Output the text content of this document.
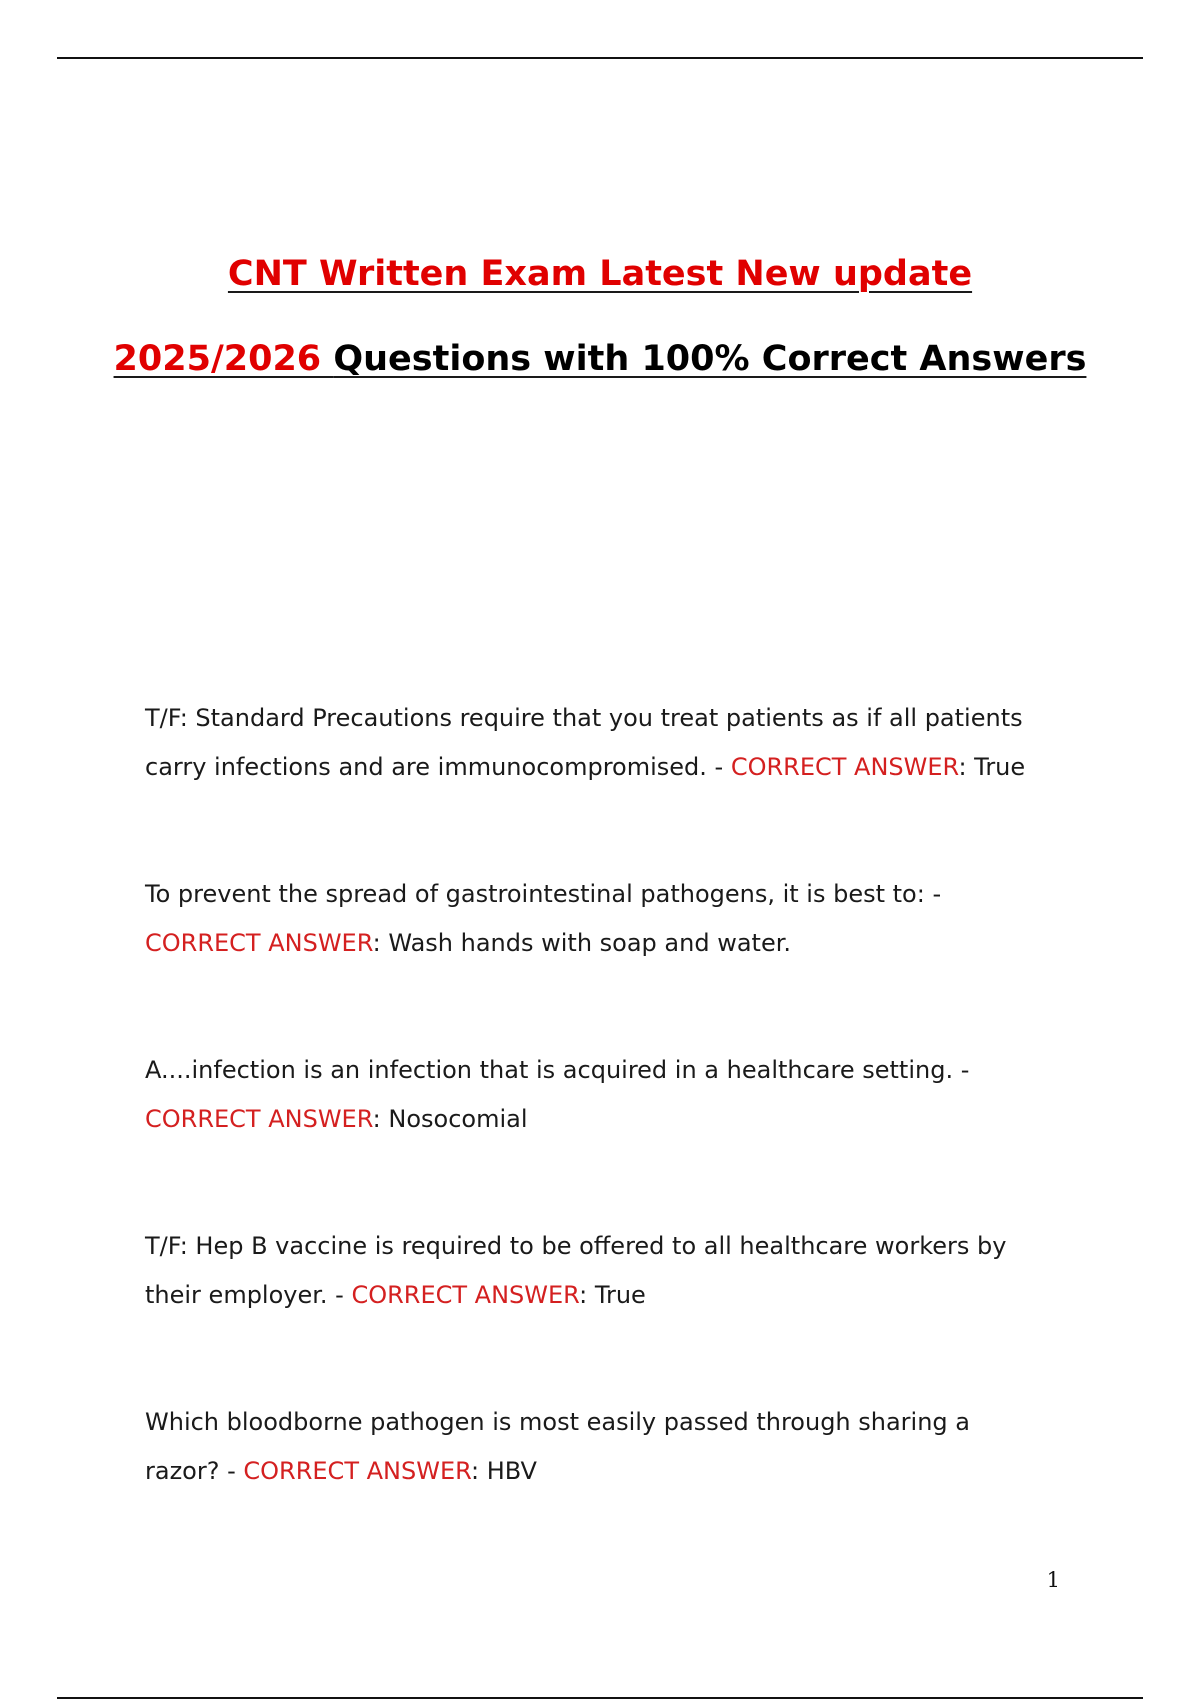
CNT Written Exam Latest New update
2025/2026 Questions with 100% Correct Answers

T/F: Standard Precautions require that you treat patients as if all patients carry infections and are immunocompromised. - CORRECT ANSWER: True

To prevent the spread of gastrointestinal pathogens, it is best to: - CORRECT ANSWER: Wash hands with soap and water.

A....infection is an infection that is acquired in a healthcare setting. - CORRECT ANSWER: Nosocomial

T/F: Hep B vaccine is required to be offered to all healthcare workers by their employer. - CORRECT ANSWER: True

Which bloodborne pathogen is most easily passed through sharing a razor? - CORRECT ANSWER: HBV

1
